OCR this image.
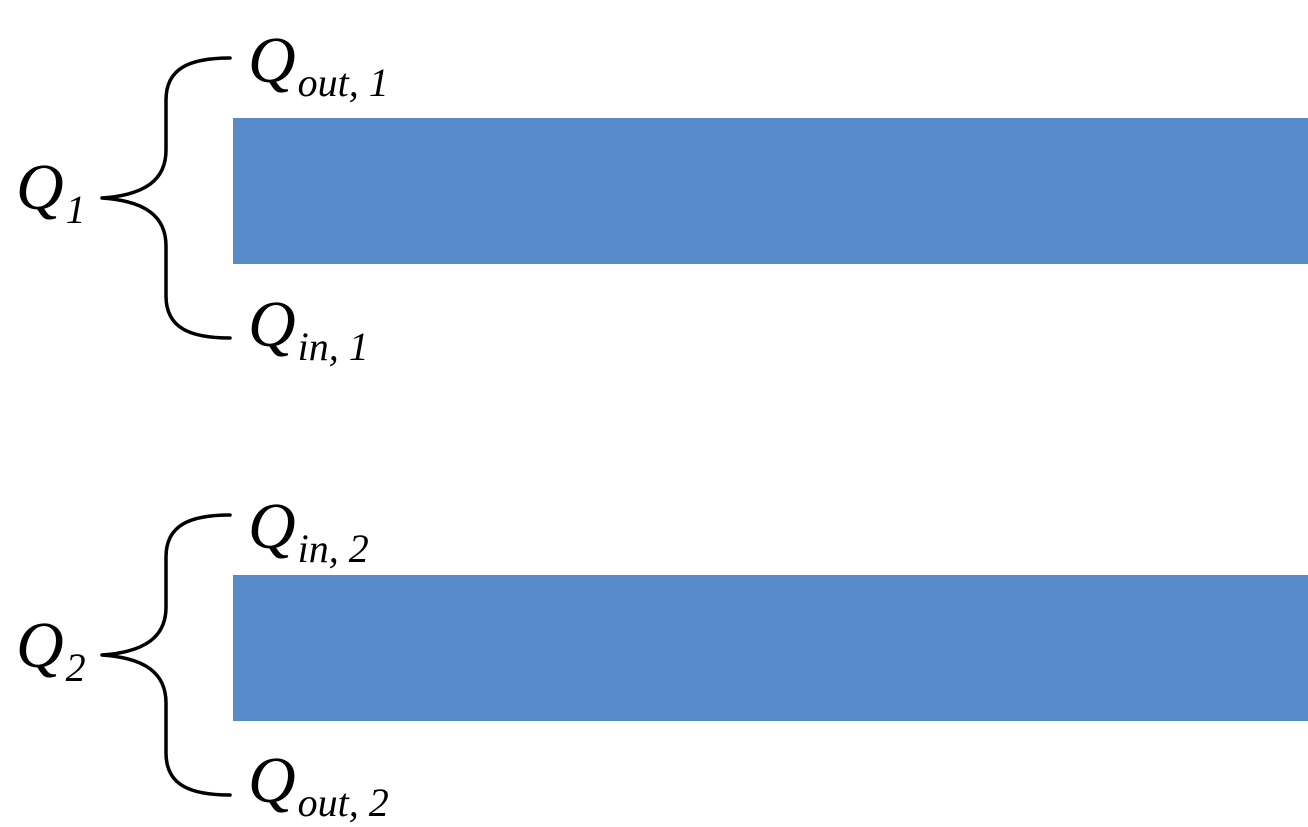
Q1
Qout, 1
Qin, 1
Q2
Qin, 2
Qout, 2
